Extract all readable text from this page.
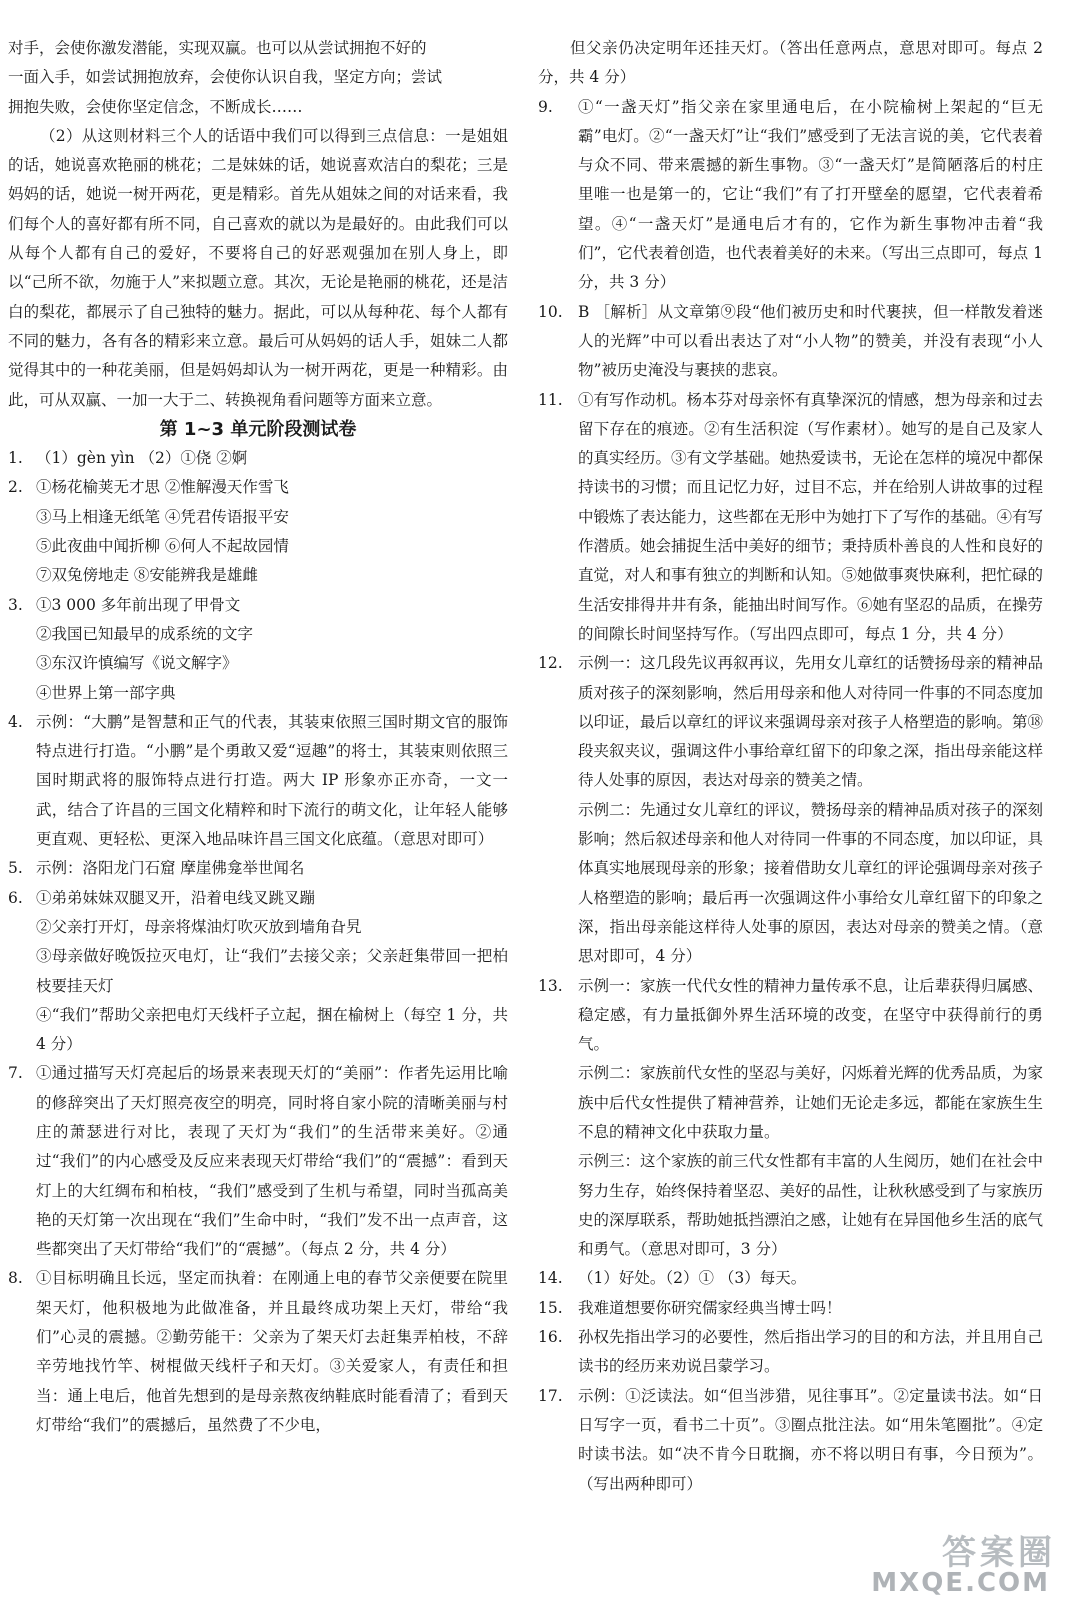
对手，会使你激发潜能，实现双赢。也可以从尝试拥抱不好的
一面入手，如尝试拥抱放弃，会使你认识自我，坚定方向；尝试
拥抱失败，会使你坚定信念，不断成长……

（2）从这则材料三个人的话语中我们可以得到三点信息：一是姐姐的话，她说喜欢艳丽的桃花；二是妹妹的话，她说喜欢洁白的梨花；三是妈妈的话，她说一树开两花，更是精彩。首先从姐妹之间的对话来看，我们每个人的喜好都有所不同，自己喜欢的就以为是最好的。由此我们可以从每个人都有自己的爱好，不要将自己的好恶观强加在别人身上，即以“己所不欲，勿施于人”来拟题立意。其次，无论是艳丽的桃花，还是洁白的梨花，都展示了自己独特的魅力。据此，可以从每种花、每个人都有不同的魅力，各有各的精彩来立意。最后可从妈妈的话人手，姐妹二人都觉得其中的一种花美丽，但是妈妈却认为一树开两花，更是一种精彩。由此，可从双赢、一加一大于二、转换视角看问题等方面来立意。

第 1~3 单元阶段测试卷

1. （1）gèn yìn （2）①侥 ②婀
2. ①杨花榆荚无才思 ②惟解漫天作雪飞
③马上相逢无纸笔 ④凭君传语报平安
⑤此夜曲中闻折柳 ⑥何人不起故园情
⑦双兔傍地走 ⑧安能辨我是雄雌
3. ①3 000 多年前出现了甲骨文
②我国已知最早的成系统的文字
③东汉许慎编写《说文解字》
④世界上第一部字典
4. 示例：“大鹏”是智慧和正气的代表，其装束依照三国时期文官的服饰特点进行打造。“小鹏”是个勇敢又爱“逗趣”的将士，其装束则依照三国时期武将的服饰特点进行打造。两大 IP 形象亦正亦奇，一文一武，结合了许昌的三国文化精粹和时下流行的萌文化，让年轻人能够更直观、更轻松、更深入地品味许昌三国文化底蕴。（意思对即可）
5. 示例：洛阳龙门石窟 摩崖佛龛举世闻名
6. ①弟弟妹妹双腿叉开，沿着电线叉跳叉蹦
②父亲打开灯，母亲将煤油灯吹灭放到墙角旮旯
③母亲做好晚饭拉灭电灯，让“我们”去接父亲；父亲赶集带回一把柏枝要挂天灯
④“我们”帮助父亲把电灯天线杆子立起，捆在榆树上（每空 1 分，共 4 分）
7. ①通过描写天灯亮起后的场景来表现天灯的“美丽”：作者先运用比喻的修辞突出了天灯照亮夜空的明亮，同时将自家小院的清晰美丽与村庄的萧瑟进行对比，表现了天灯为“我们”的生活带来美好。②通过“我们”的内心感受及反应来表现天灯带给“我们”的“震撼”：看到天灯上的大红绸布和柏枝，“我们”感受到了生机与希望，同时当孤高美艳的天灯第一次出现在“我们”生命中时，“我们”发不出一点声音，这些都突出了天灯带给“我们”的“震撼”。（每点 2 分，共 4 分）
8. ①目标明确且长远，坚定而执着：在刚通上电的春节父亲便要在院里架天灯，他积极地为此做准备，并且最终成功架上天灯，带给“我们”心灵的震撼。②勤劳能干：父亲为了架天灯去赶集弄柏枝，不辞辛劳地找竹竿、树棍做天线杆子和天灯。③关爱家人，有责任和担当：通上电后，他首先想到的是母亲熬夜纳鞋底时能看清了；看到天灯带给“我们”的震撼后，虽然费了不少电，
但父亲仍决定明年还挂天灯。（答出任意两点，意思对即可。每点 2 分，共 4 分）
9.	①“一盏天灯”指父亲在家里通电后，在小院榆树上架起的“巨无霸”电灯。②“一盏天灯”让“我们”感受到了无法言说的美，它代表着与众不同、带来震撼的新生事物。③“一盏天灯”是简陋落后的村庄里唯一也是第一的，它让“我们”有了打开壁垒的愿望，它代表着希望。④“一盏天灯”是通电后才有的，它作为新生事物冲击着“我们”，它代表着创造，也代表着美好的未来。（写出三点即可，每点 1 分，共 3 分）
10. B ［解析］从文章第⑨段“他们被历史和时代裹挟，但一样散发着迷人的光辉”中可以看出表达了对“小人物”的赞美，并没有表现“小人物”被历史淹没与裹挟的悲哀。
11. ①有写作动机。杨本芬对母亲怀有真挚深沉的情感，想为母亲和过去留下存在的痕迹。②有生活积淀（写作素材）。她写的是自己及家人的真实经历。③有文学基础。她热爱读书，无论在怎样的境况中都保持读书的习惯；而且记忆力好，过目不忘，并在给别人讲故事的过程中锻炼了表达能力，这些都在无形中为她打下了写作的基础。④有写作潜质。她会捕捉生活中美好的细节；秉持质朴善良的人性和良好的直觉，对人和事有独立的判断和认知。⑤她做事爽快麻利，把忙碌的生活安排得井井有条，能抽出时间写作。⑥她有坚忍的品质，在操劳的间隙长时间坚持写作。（写出四点即可，每点 1 分，共 4 分）
12. 示例一：这几段先议再叙再议，先用女儿章红的话赞扬母亲的精神品质对孩子的深刻影响，然后用母亲和他人对待同一件事的不同态度加以印证，最后以章红的评议来强调母亲对孩子人格塑造的影响。第⑱段夹叙夹议，强调这件小事给章红留下的印象之深，指出母亲能这样待人处事的原因，表达对母亲的赞美之情。
示例二：先通过女儿章红的评议，赞扬母亲的精神品质对孩子的深刻影响；然后叙述母亲和他人对待同一件事的不同态度，加以印证，具体真实地展现母亲的形象；接着借助女儿章红的评论强调母亲对孩子人格塑造的影响；最后再一次强调这件小事给女儿章红留下的印象之深，指出母亲能这样待人处事的原因，表达对母亲的赞美之情。（意思对即可，4 分）
13. 示例一：家族一代代女性的精神力量传承不息，让后辈获得归属感、稳定感，有力量抵御外界生活环境的改变，在坚守中获得前行的勇气。
示例二：家族前代女性的坚忍与美好，闪烁着光辉的优秀品质，为家族中后代女性提供了精神营养，让她们无论走多远，都能在家族生生不息的精神文化中获取力量。
示例三：这个家族的前三代女性都有丰富的人生阅历，她们在社会中努力生存，始终保持着坚忍、美好的品性，让秋秋感受到了与家族历史的深厚联系，帮助她抵挡漂泊之感，让她有在异国他乡生活的底气和勇气。（意思对即可，3 分）
14. （1）好处。（2）① （3）每天。
15. 我难道想要你研究儒家经典当博士吗！
16. 孙权先指出学习的必要性，然后指出学习的目的和方法，并且用自己读书的经历来劝说吕蒙学习。
17. 示例：①泛读法。如“但当涉猎，见往事耳”。②定量读书法。如“日日写字一页，看书二十页”。③圈点批注法。如“用朱笔圈批”。④定时读书法。如“决不肯今日耽搁，亦不将以明日有事，今日预为”。（写出两种即可）
答案圈
MXQE.COM
